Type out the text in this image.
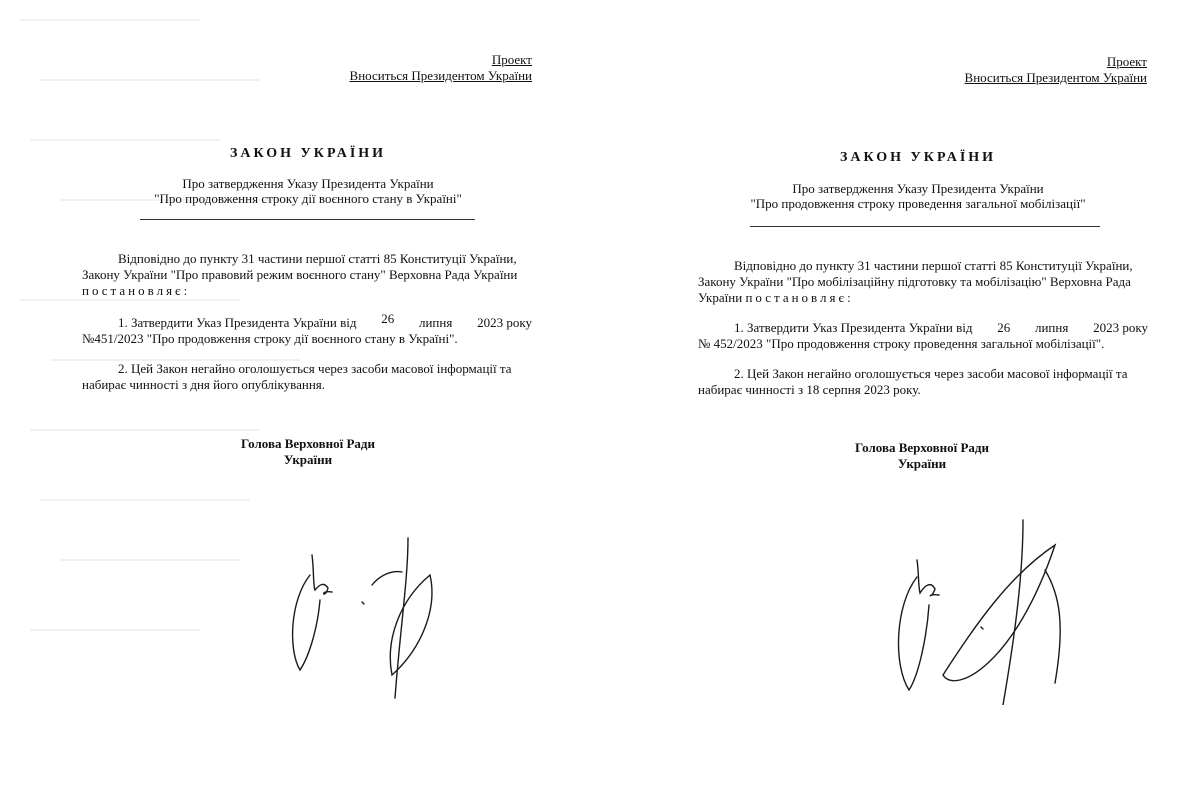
Проект
Вноситься Президентом України
ЗАКОН УКРАЇНИ
Про затвердження Указу Президента України
"Про продовження строку дії воєнного стану в Україні"
Відповідно до пункту 31 частини першої статті 85 Конституції України,
Закону України "Про правовий режим воєнного стану" Верховна Рада України
постановляє:
1. Затвердити Указ Президента України від 26 липня 2023 року
№451/2023 "Про продовження строку дії воєнного стану в Україні".
2. Цей Закон негайно оголошується через засоби масової інформації та
набирає чинності з дня його опублікування.
Голова Верховної Ради
України
Проект
Вноситься Президентом України
ЗАКОН УКРАЇНИ
Про затвердження Указу Президента України
"Про продовження строку проведення загальної мобілізації"
Відповідно до пункту 31 частини першої статті 85 Конституції України,
Закону України "Про мобілізаційну підготовку та мобілізацію" Верховна Рада
України постановляє:
1. Затвердити Указ Президента України від 26 липня 2023 року
№ 452/2023 "Про продовження строку проведення загальної мобілізації".
2. Цей Закон негайно оголошується через засоби масової інформації та
набирає чинності з 18 серпня 2023 року.
Голова Верховної Ради
України
